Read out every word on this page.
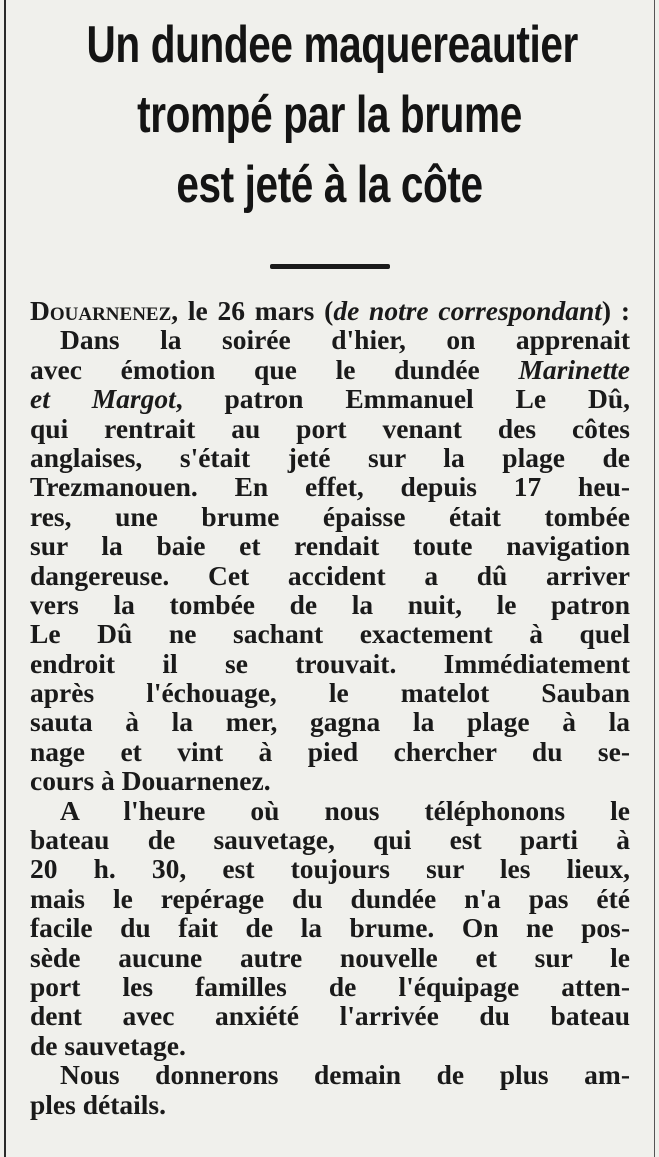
Un dundee maquereautier
trompé par la brume
est jeté à la côte
Douarnenez, le 26 mars (de notre correspondant) :
Dans la soirée d'hier, on apprenait
avec émotion que le dundée Marinette
et Margot, patron Emmanuel Le Dû,
qui rentrait au port venant des côtes
anglaises, s'était jeté sur la plage de
Trezmanouen. En effet, depuis 17 heu-
res, une brume épaisse était tombée
sur la baie et rendait toute navigation
dangereuse. Cet accident a dû arriver
vers la tombée de la nuit, le patron
Le Dû ne sachant exactement à quel
endroit il se trouvait. Immédiatement
après l'échouage, le matelot Sauban
sauta à la mer, gagna la plage à la
nage et vint à pied chercher du se-
cours à Douarnenez.
A l'heure où nous téléphonons le
bateau de sauvetage, qui est parti à
20 h. 30, est toujours sur les lieux,
mais le repérage du dundée n'a pas été
facile du fait de la brume. On ne pos-
sède aucune autre nouvelle et sur le
port les familles de l'équipage atten-
dent avec anxiété l'arrivée du bateau
de sauvetage.
Nous donnerons demain de plus am-
ples détails.
